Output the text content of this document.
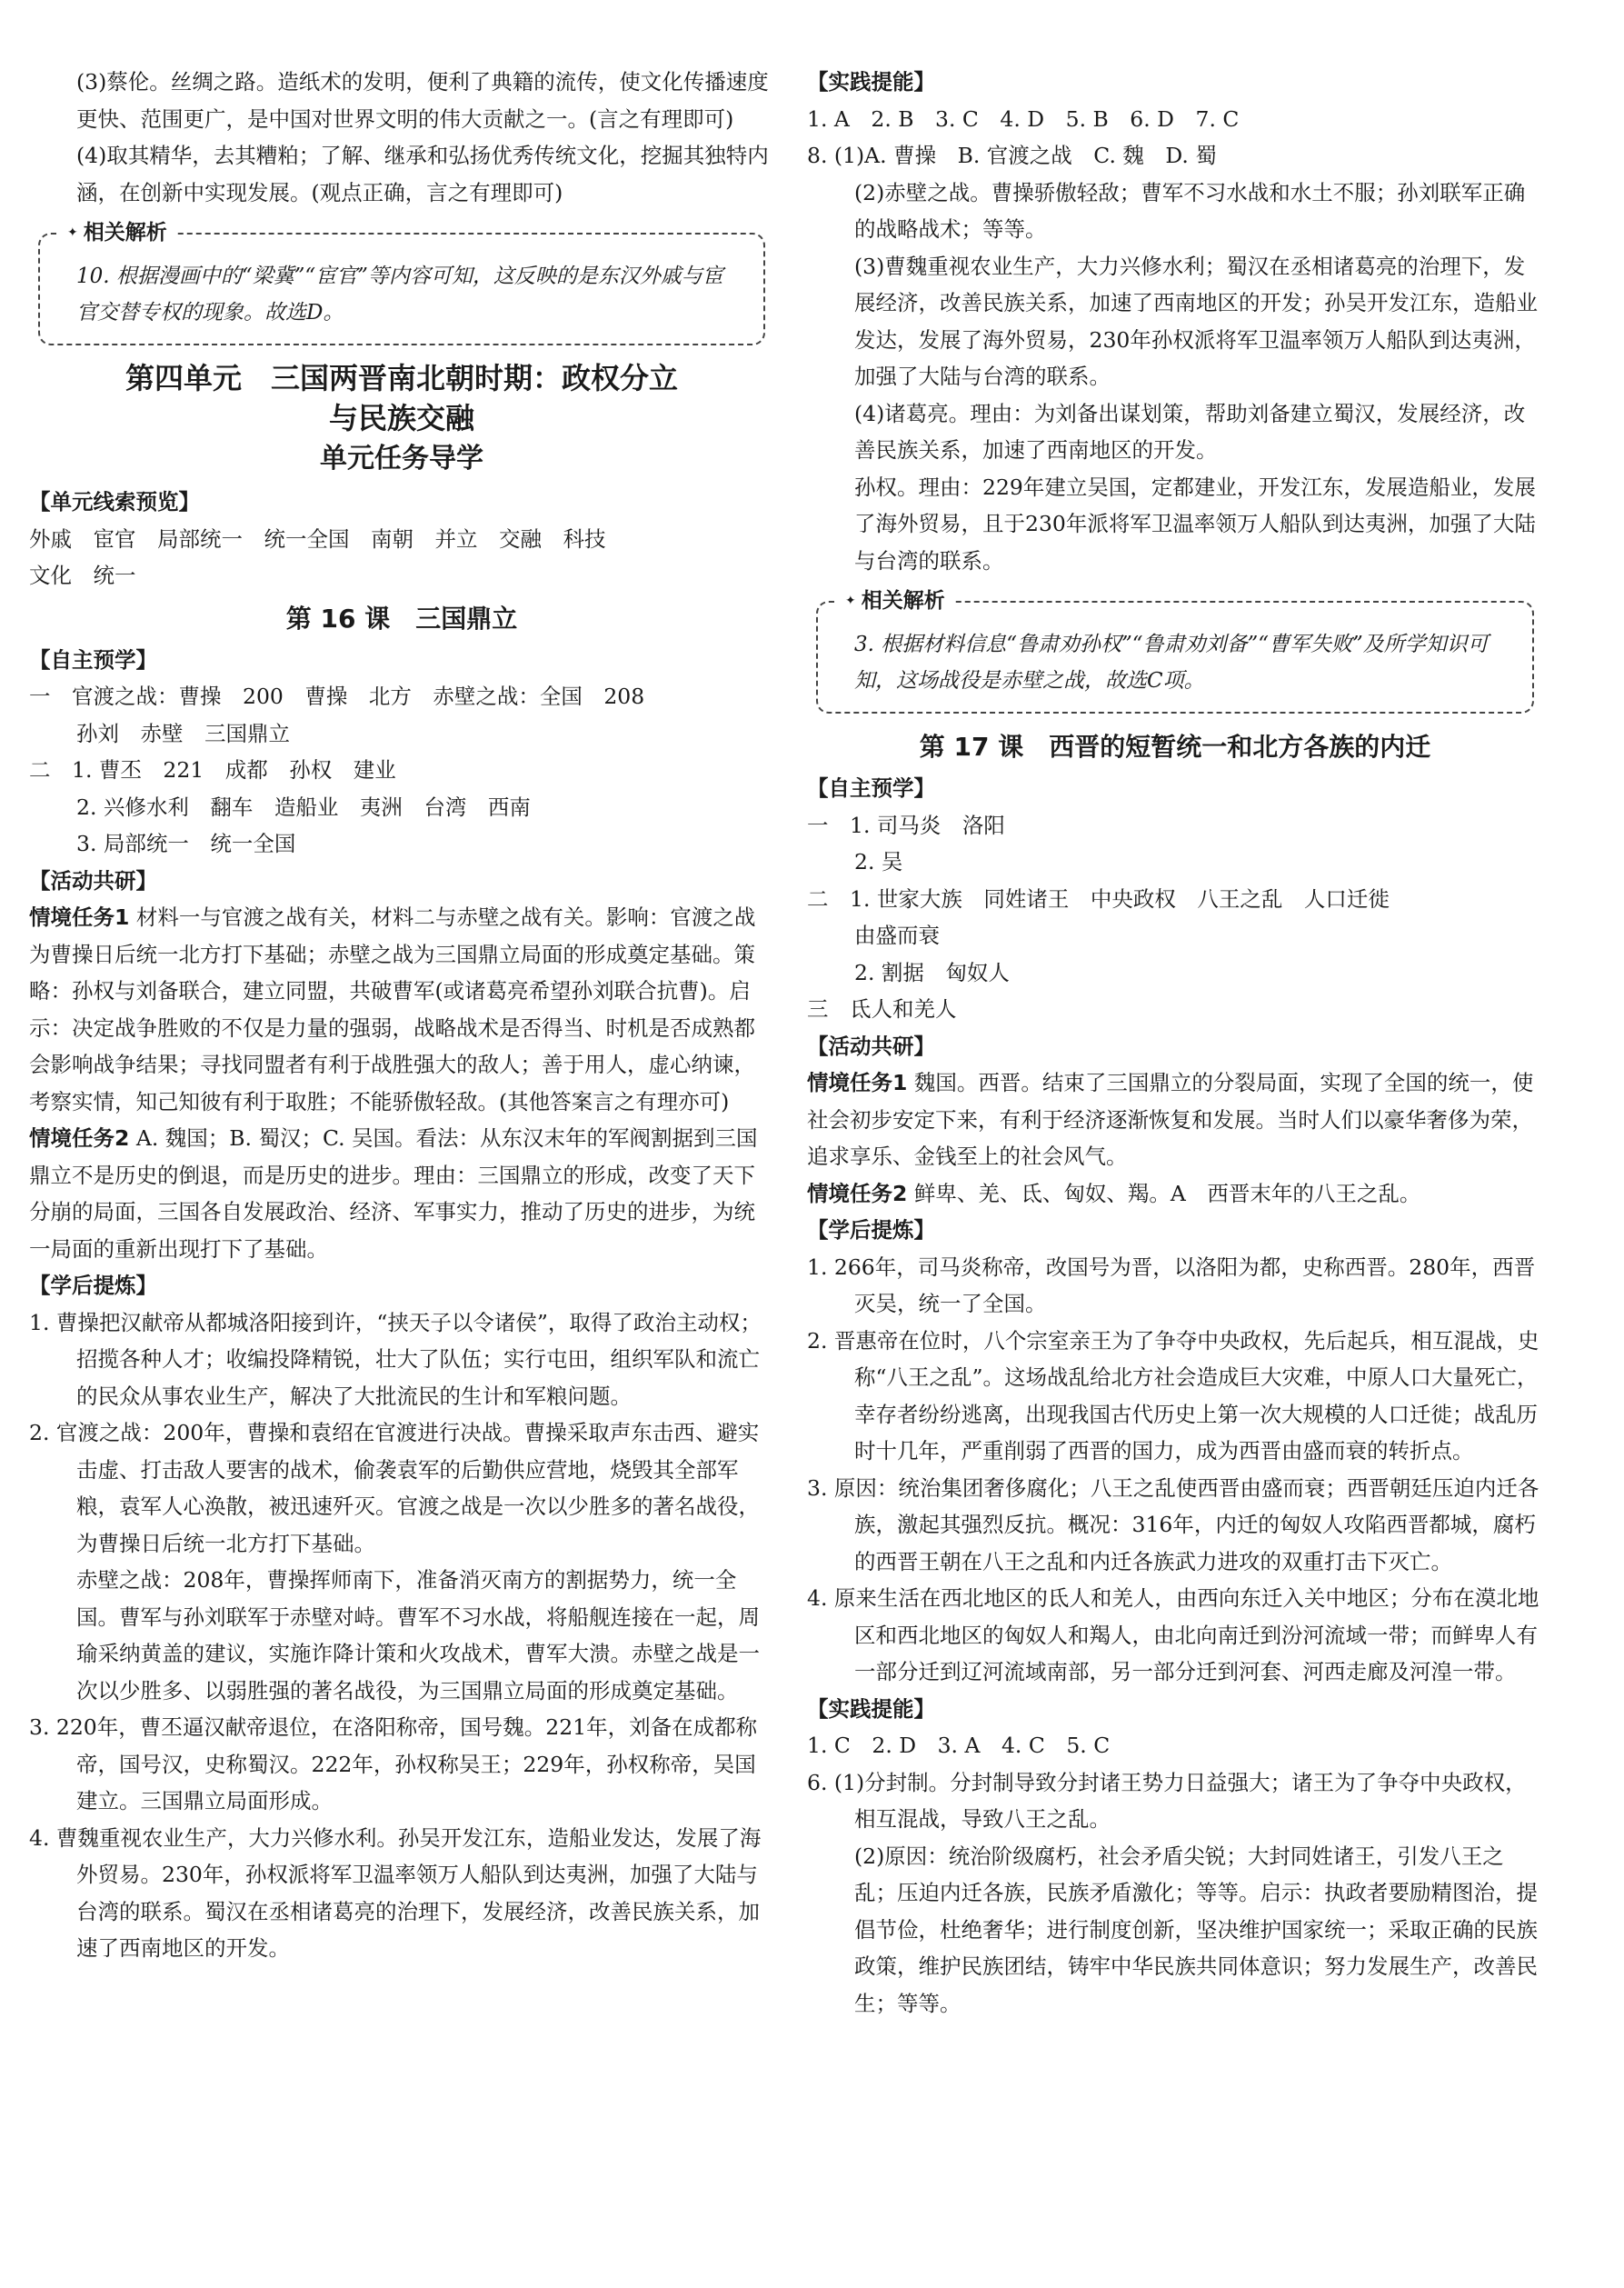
(3)蔡伦。丝绸之路。造纸术的发明，便利了典籍的流传，使文化传播速度更快、范围更广，是中国对世界文明的伟大贡献之一。(言之有理即可)

(4)取其精华，去其糟粕；了解、继承和弘扬优秀传统文化，挖掘其独特内涵，在创新中实现发展。(观点正确，言之有理即可)

✦ 相关解析

10. 根据漫画中的“梁冀”“宦官”等内容可知，这反映的是东汉外戚与宦官交替专权的现象。故选D。

第四单元　三国两晋南北朝时期：政权分立
与民族交融
单元任务导学
【单元线索预览】

外戚　宦官　局部统一　统一全国　南朝　并立　交融　科技

文化　统一

第 16 课　三国鼎立
【自主预学】

一　官渡之战：曹操　200　曹操　北方　赤壁之战：全国　208

孙刘　赤壁　三国鼎立

二　1. 曹丕　221　成都　孙权　建业

2. 兴修水利　翻车　造船业　夷洲　台湾　西南

3. 局部统一　统一全国

【活动共研】

情境任务1 材料一与官渡之战有关，材料二与赤壁之战有关。影响：官渡之战为曹操日后统一北方打下基础；赤壁之战为三国鼎立局面的形成奠定基础。策略：孙权与刘备联合，建立同盟，共破曹军(或诸葛亮希望孙刘联合抗曹)。启示：决定战争胜败的不仅是力量的强弱，战略战术是否得当、时机是否成熟都会影响战争结果；寻找同盟者有利于战胜强大的敌人；善于用人，虚心纳谏，考察实情，知己知彼有利于取胜；不能骄傲轻敌。(其他答案言之有理亦可)

情境任务2 A. 魏国；B. 蜀汉；C. 吴国。看法：从东汉末年的军阀割据到三国鼎立不是历史的倒退，而是历史的进步。理由：三国鼎立的形成，改变了天下分崩的局面，三国各自发展政治、经济、军事实力，推动了历史的进步，为统一局面的重新出现打下了基础。

【学后提炼】

1. 曹操把汉献帝从都城洛阳接到许，“挟天子以令诸侯”，取得了政治主动权；招揽各种人才；收编投降精锐，壮大了队伍；实行屯田，组织军队和流亡的民众从事农业生产，解决了大批流民的生计和军粮问题。

2. 官渡之战：200年，曹操和袁绍在官渡进行决战。曹操采取声东击西、避实击虚、打击敌人要害的战术，偷袭袁军的后勤供应营地，烧毁其全部军粮，袁军人心涣散，被迅速歼灭。官渡之战是一次以少胜多的著名战役，为曹操日后统一北方打下基础。

赤壁之战：208年，曹操挥师南下，准备消灭南方的割据势力，统一全国。曹军与孙刘联军于赤壁对峙。曹军不习水战，将船舰连接在一起，周瑜采纳黄盖的建议，实施诈降计策和火攻战术，曹军大溃。赤壁之战是一次以少胜多、以弱胜强的著名战役，为三国鼎立局面的形成奠定基础。

3. 220年，曹丕逼汉献帝退位，在洛阳称帝，国号魏。221年，刘备在成都称帝，国号汉，史称蜀汉。222年，孙权称吴王；229年，孙权称帝，吴国建立。三国鼎立局面形成。

4. 曹魏重视农业生产，大力兴修水利。孙吴开发江东，造船业发达，发展了海外贸易。230年，孙权派将军卫温率领万人船队到达夷洲，加强了大陆与台湾的联系。蜀汉在丞相诸葛亮的治理下，发展经济，改善民族关系，加速了西南地区的开发。

【实践提能】

1. A　2. B　3. C　4. D　5. B　6. D　7. C

8. (1)A. 曹操　B. 官渡之战　C. 魏　D. 蜀

(2)赤壁之战。曹操骄傲轻敌；曹军不习水战和水土不服；孙刘联军正确的战略战术；等等。

(3)曹魏重视农业生产，大力兴修水利；蜀汉在丞相诸葛亮的治理下，发展经济，改善民族关系，加速了西南地区的开发；孙吴开发江东，造船业发达，发展了海外贸易，230年孙权派将军卫温率领万人船队到达夷洲，加强了大陆与台湾的联系。

(4)诸葛亮。理由：为刘备出谋划策，帮助刘备建立蜀汉，发展经济，改善民族关系，加速了西南地区的开发。

孙权。理由：229年建立吴国，定都建业，开发江东，发展造船业，发展了海外贸易，且于230年派将军卫温率领万人船队到达夷洲，加强了大陆与台湾的联系。

✦ 相关解析

3. 根据材料信息“鲁肃劝孙权”“鲁肃劝刘备”“曹军失败”及所学知识可知，这场战役是赤壁之战，故选C项。

第 17 课　西晋的短暂统一和北方各族的内迁
【自主预学】

一　1. 司马炎　洛阳

2. 吴

二　1. 世家大族　同姓诸王　中央政权　八王之乱　人口迁徙

由盛而衰

2. 割据　匈奴人

三　氐人和羌人

【活动共研】

情境任务1 魏国。西晋。结束了三国鼎立的分裂局面，实现了全国的统一，使社会初步安定下来，有利于经济逐渐恢复和发展。当时人们以豪华奢侈为荣，追求享乐、金钱至上的社会风气。

情境任务2 鲜卑、羌、氐、匈奴、羯。A　西晋末年的八王之乱。

【学后提炼】

1. 266年，司马炎称帝，改国号为晋，以洛阳为都，史称西晋。280年，西晋灭吴，统一了全国。

2. 晋惠帝在位时，八个宗室亲王为了争夺中央政权，先后起兵，相互混战，史称“八王之乱”。这场战乱给北方社会造成巨大灾难，中原人口大量死亡，幸存者纷纷逃离，出现我国古代历史上第一次大规模的人口迁徙；战乱历时十几年，严重削弱了西晋的国力，成为西晋由盛而衰的转折点。

3. 原因：统治集团奢侈腐化；八王之乱使西晋由盛而衰；西晋朝廷压迫内迁各族，激起其强烈反抗。概况：316年，内迁的匈奴人攻陷西晋都城，腐朽的西晋王朝在八王之乱和内迁各族武力进攻的双重打击下灭亡。

4. 原来生活在西北地区的氐人和羌人，由西向东迁入关中地区；分布在漠北地区和西北地区的匈奴人和羯人，由北向南迁到汾河流域一带；而鲜卑人有一部分迁到辽河流域南部，另一部分迁到河套、河西走廊及河湟一带。

【实践提能】

1. C　2. D　3. A　4. C　5. C

6. (1)分封制。分封制导致分封诸王势力日益强大；诸王为了争夺中央政权，相互混战，导致八王之乱。

(2)原因：统治阶级腐朽，社会矛盾尖锐；大封同姓诸王，引发八王之乱；压迫内迁各族，民族矛盾激化；等等。启示：执政者要励精图治，提倡节俭，杜绝奢华；进行制度创新，坚决维护国家统一；采取正确的民族政策，维护民族团结，铸牢中华民族共同体意识；努力发展生产，改善民生；等等。
